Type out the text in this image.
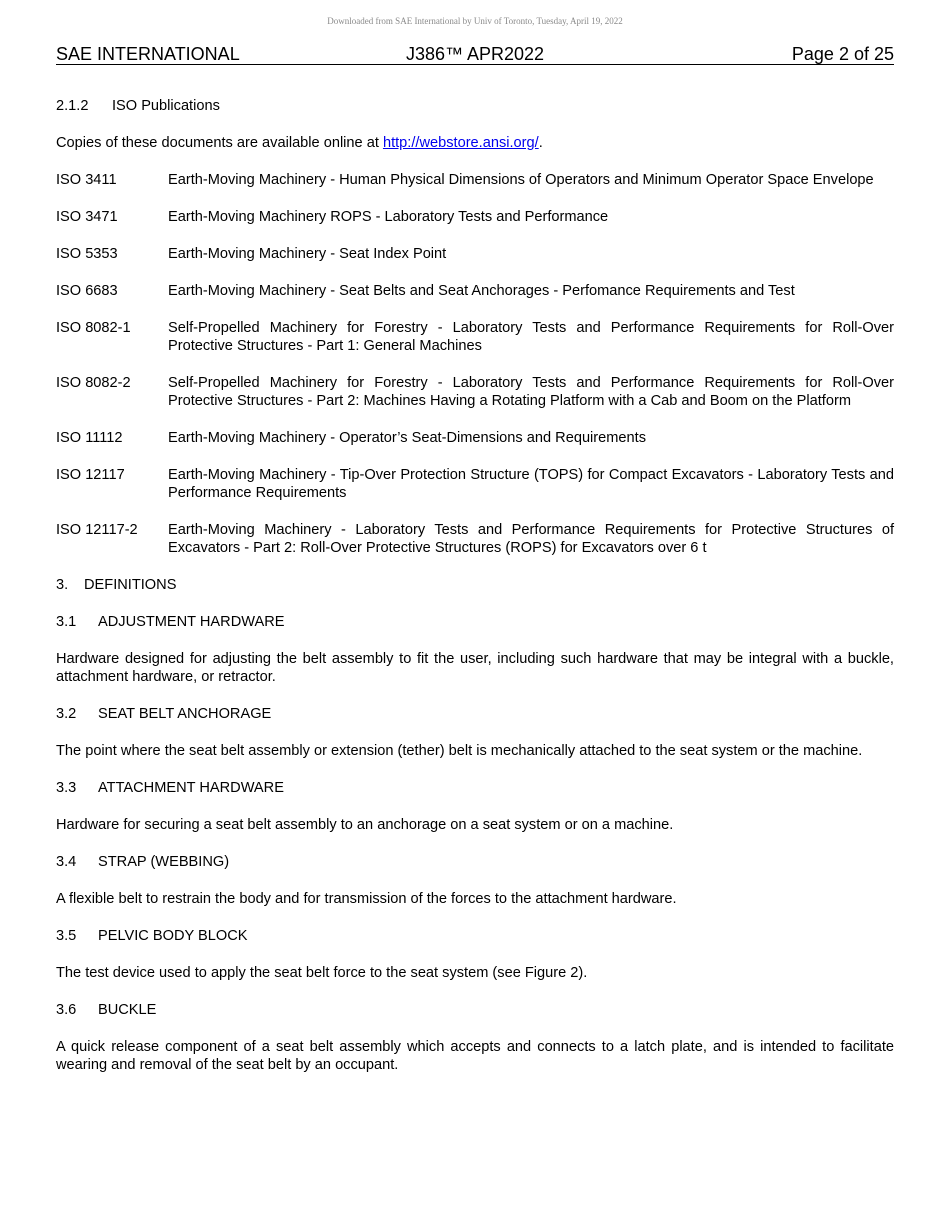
Downloaded from SAE International by Univ of Toronto, Tuesday, April 19, 2022
SAE INTERNATIONAL	J386™ APR2022	Page 2 of 25
2.1.2 ISO Publications

Copies of these documents are available online at http://webstore.ansi.org/.

ISO 3411	Earth-Moving Machinery - Human Physical Dimensions of Operators and Minimum Operator Space Envelope
ISO 3471	Earth-Moving Machinery ROPS - Laboratory Tests and Performance
ISO 5353	Earth-Moving Machinery - Seat Index Point
ISO 6683	Earth-Moving Machinery - Seat Belts and Seat Anchorages - Perfomance Requirements and Test
ISO 8082-1	Self-Propelled Machinery for Forestry - Laboratory Tests and Performance Requirements for Roll-Over Protective Structures - Part 1: General Machines
ISO 8082-2	Self-Propelled Machinery for Forestry - Laboratory Tests and Performance Requirements for Roll-Over Protective Structures - Part 2: Machines Having a Rotating Platform with a Cab and Boom on the Platform
ISO 11112	Earth-Moving Machinery - Operator’s Seat-Dimensions and Requirements
ISO 12117	Earth-Moving Machinery - Tip-Over Protection Structure (TOPS) for Compact Excavators - Laboratory Tests and Performance Requirements
ISO 12117-2	Earth-Moving Machinery - Laboratory Tests and Performance Requirements for Protective Structures of Excavators - Part 2: Roll-Over Protective Structures (ROPS) for Excavators over 6 t
3. DEFINITIONS
3.1 ADJUSTMENT HARDWARE

Hardware designed for adjusting the belt assembly to fit the user, including such hardware that may be integral with a buckle, attachment hardware, or retractor.

3.2 SEAT BELT ANCHORAGE

The point where the seat belt assembly or extension (tether) belt is mechanically attached to the seat system or the machine.

3.3 ATTACHMENT HARDWARE

Hardware for securing a seat belt assembly to an anchorage on a seat system or on a machine.

3.4 STRAP (WEBBING)

A flexible belt to restrain the body and for transmission of the forces to the attachment hardware.

3.5 PELVIC BODY BLOCK

The test device used to apply the seat belt force to the seat system (see Figure 2).

3.6 BUCKLE

A quick release component of a seat belt assembly which accepts and connects to a latch plate, and is intended to facilitate wearing and removal of the seat belt by an occupant.
